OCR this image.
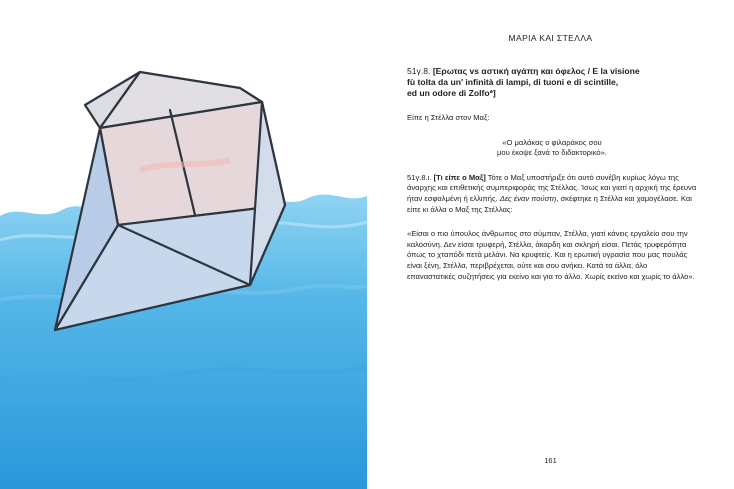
ΜΑΡΙΑ ΚΑΙ ΣΤΕΛΛΑ

51γ.8. [Ερωτας vs αστική αγάπη και όφελος / E la visione
fù tolta da un' infinità di lampi, di tuoni e di scintille,
ed un odore di Zolfo*]

Είπε η Στέλλα στον Μαξ:

«Ο μαλάκας ο φιλαράκος σου
μου έκοψε ξανά το διδακτορικό».

51γ.8.ι. [Τι είπε ο Μαξ] Τότε ο Μαξ υποστήριξε ότι αυτό συνέβη κυρίως λόγω της άναρχης και επιθετικής συμπεριφοράς της Στέλλας. Ίσως και γιατί η αρχική της έρευνα ήταν εσφαλμένη ή ελλιπής. Δες έναν πούστη, σκέφτηκε η Στέλλα και χαμογέλασε. Και είπε κι άλλα ο Μαξ της Στέλλας:

«Είσαι ο πιο ύπουλος άνθρωπος στο σύμπαν, Στέλλα, γιατί κάνεις εργαλείο σου την καλοσύνη. Δεν είσαι τρυφερή, Στέλλα, άκαρδη και σκληρή είσαι. Πετάς τρυφερότητα όπως το χταπόδι πετά μελάνι. Να κρυφτείς. Και η ερωτική υγρασία που μας πουλάς είναι ξένη, Στέλλα, περιβρέχεται, ούτε και σου ανήκει. Κατά τα άλλα, όλο επαναστατικές συζητήσεις για εκείνο και για το άλλο. Χωρίς εκείνο και χωρίς το άλλο».

161
